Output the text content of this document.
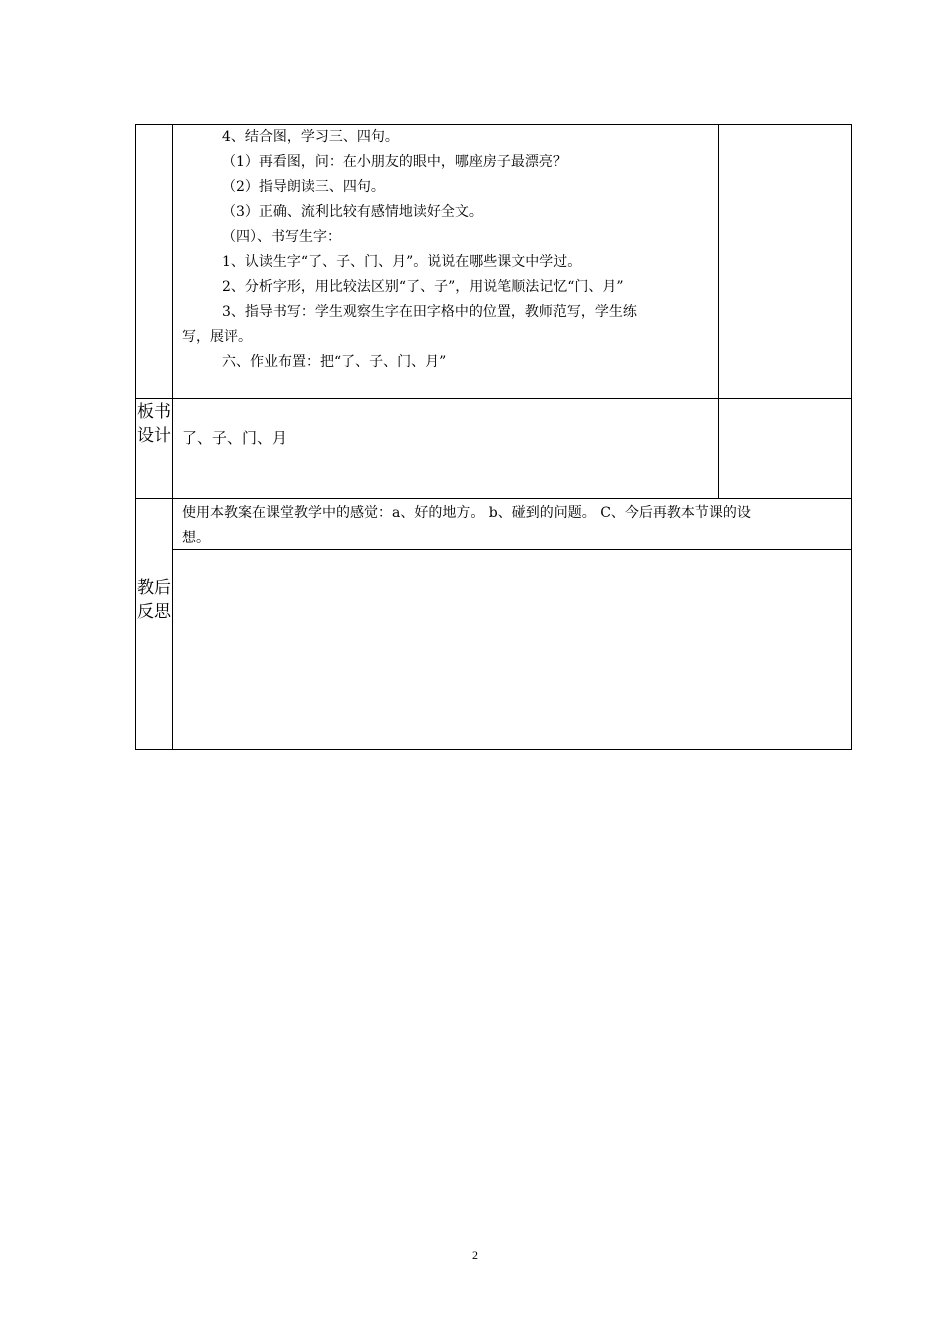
4、结合图，学习三、四句。
（1）再看图，问：在小朋友的眼中，哪座房子最漂亮？
（2）指导朗读三、四句。
（3）正确、流利比较有感情地读好全文。
（四）、书写生字：
1、认读生字“了、子、门、月”。说说在哪些课文中学过。
2、分析字形，用比较法区别“了、子”，用说笔顺法记忆“门、月”
3、指导书写：学生观察生字在田字格中的位置，教师范写，学生练
写，展评。
六、作业布置：把“了、子、门、月”
板书设计 了、子、门、月
教后反思
使用本教案在课堂教学中的感觉：a、好的地方。 b、碰到的问题。 C、今后再教本节课的设
想。
2
